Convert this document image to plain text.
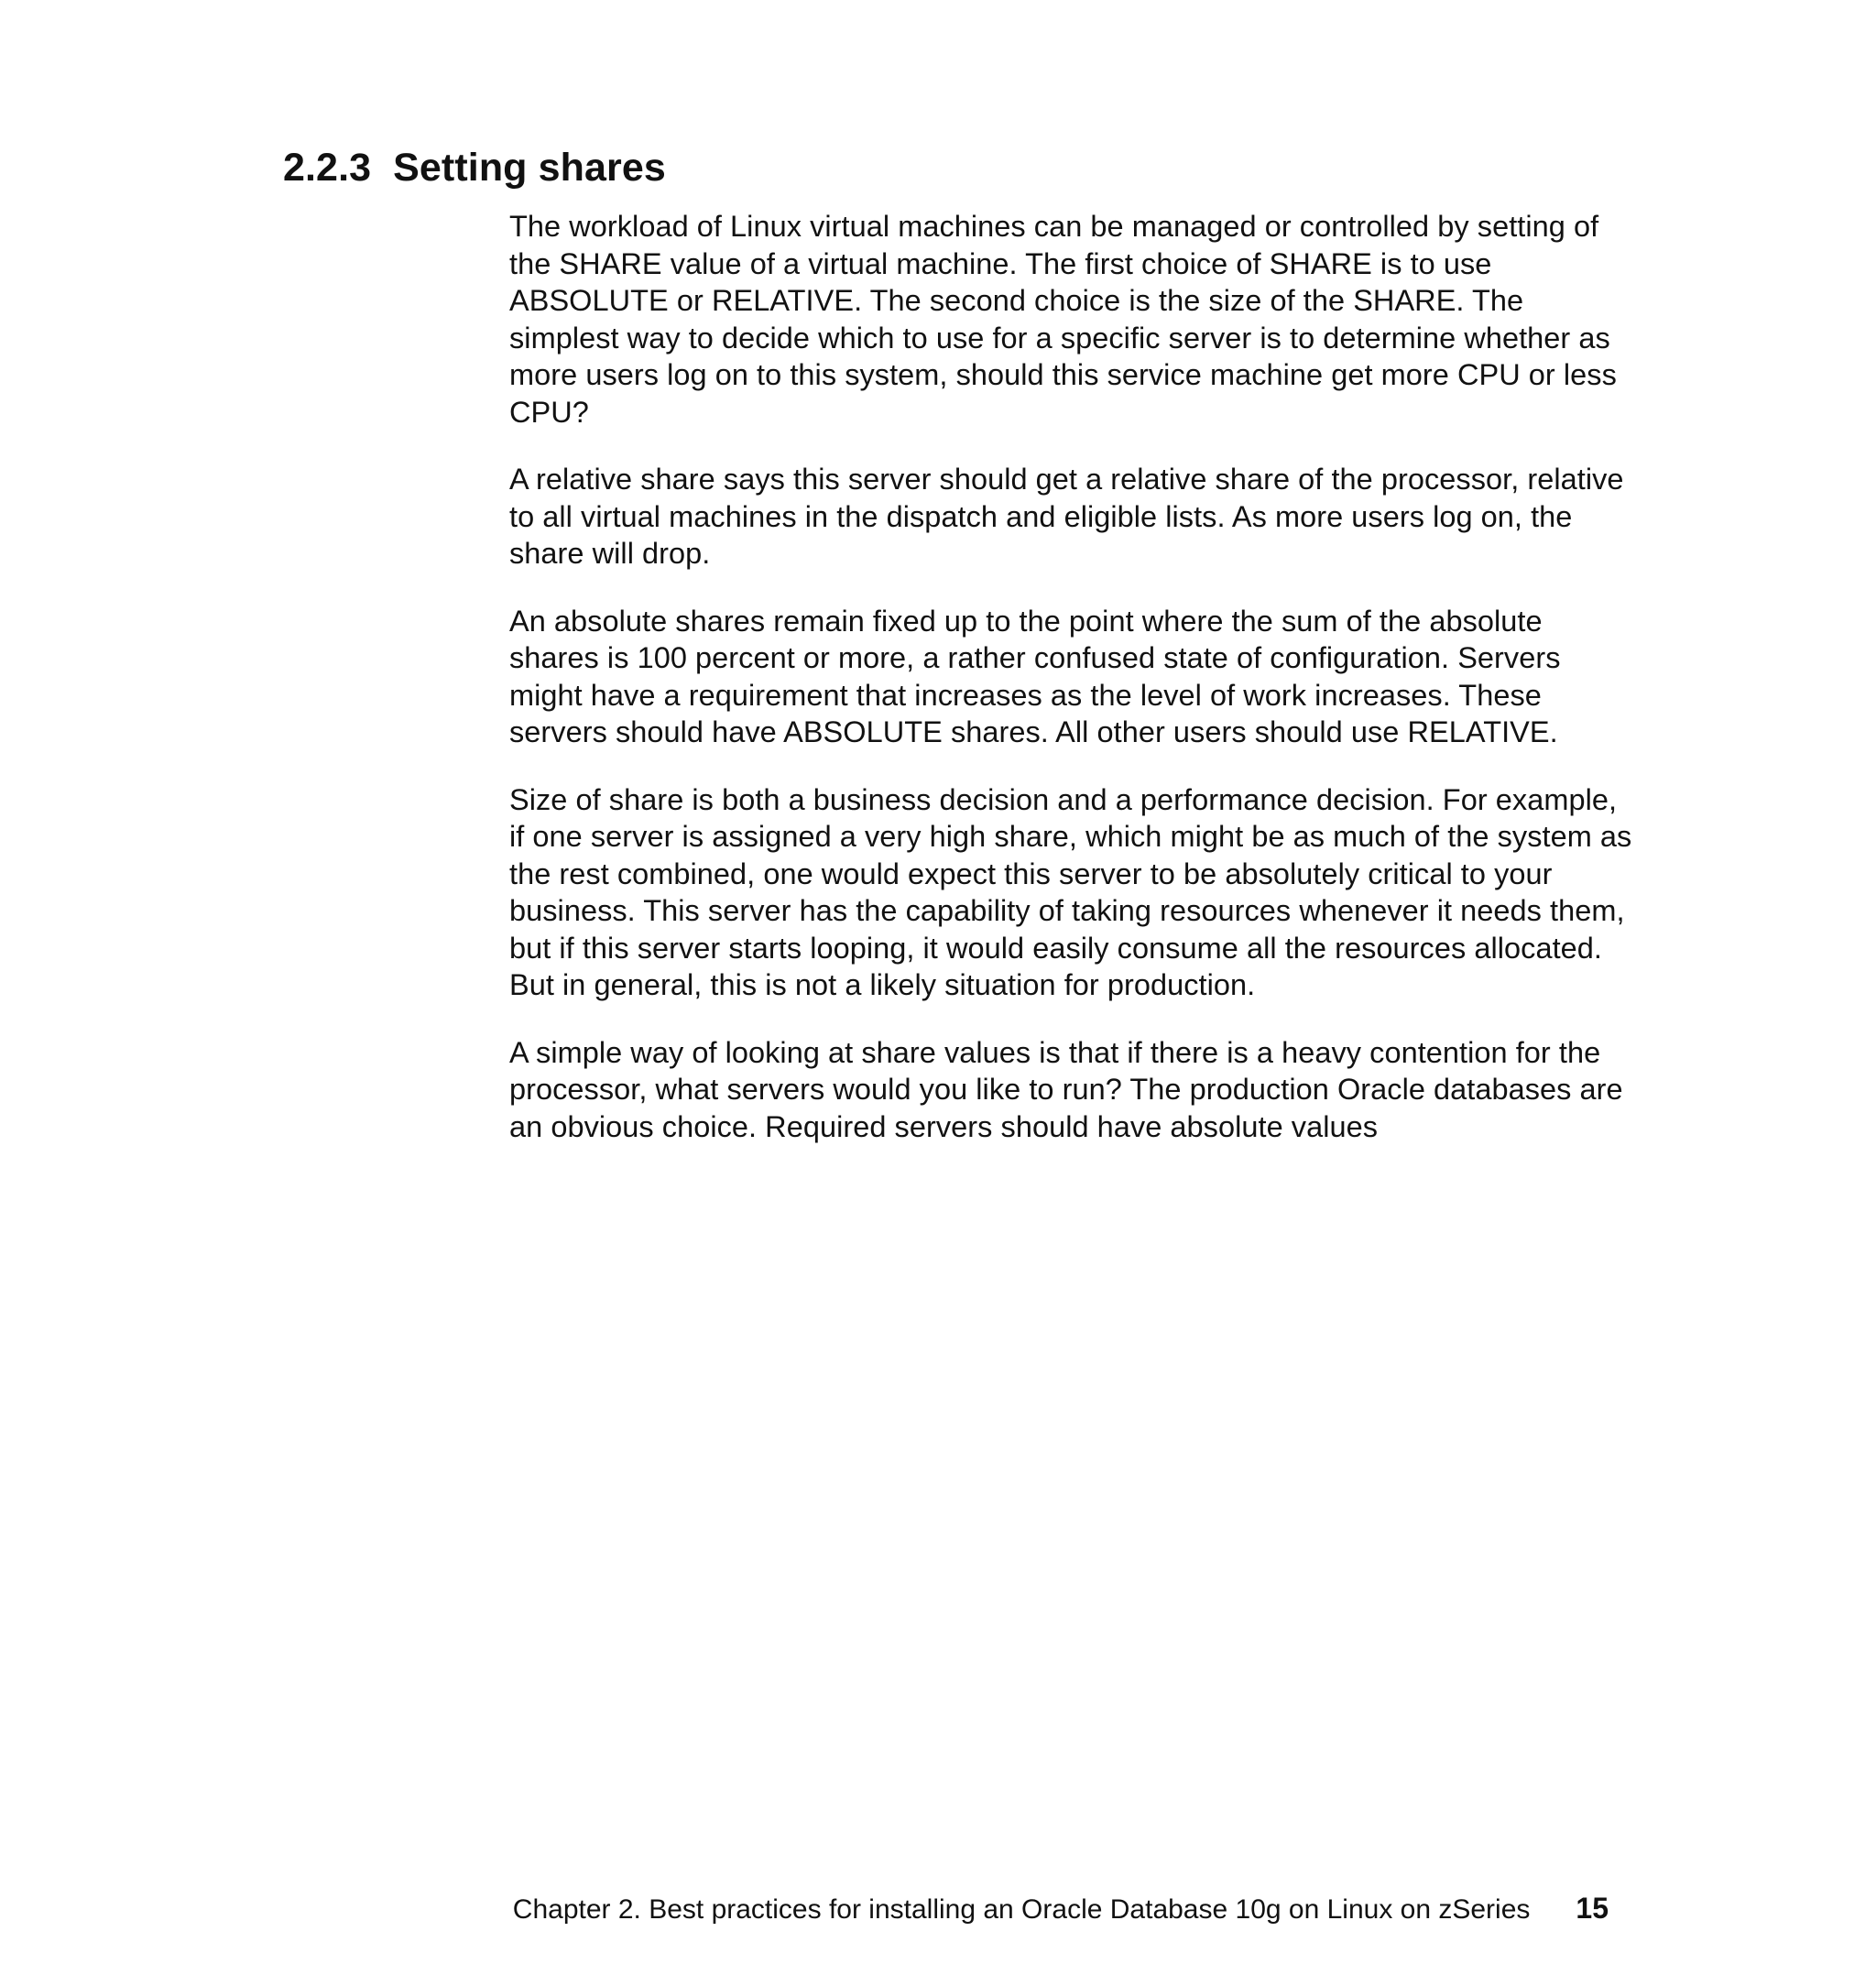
2.2.3 Setting shares

The workload of Linux virtual machines can be managed or controlled by setting of the SHARE value of a virtual machine. The first choice of SHARE is to use ABSOLUTE or RELATIVE. The second choice is the size of the SHARE. The simplest way to decide which to use for a specific server is to determine whether as more users log on to this system, should this service machine get more CPU or less CPU?

A relative share says this server should get a relative share of the processor, relative to all virtual machines in the dispatch and eligible lists. As more users log on, the share will drop.

An absolute shares remain fixed up to the point where the sum of the absolute shares is 100 percent or more, a rather confused state of configuration. Servers might have a requirement that increases as the level of work increases. These servers should have ABSOLUTE shares. All other users should use RELATIVE.

Size of share is both a business decision and a performance decision. For example, if one server is assigned a very high share, which might be as much of the system as the rest combined, one would expect this server to be absolutely critical to your business. This server has the capability of taking resources whenever it needs them, but if this server starts looping, it would easily consume all the resources allocated. But in general, this is not a likely situation for production.

A simple way of looking at share values is that if there is a heavy contention for the processor, what servers would you like to run? The production Oracle databases are an obvious choice. Required servers should have absolute values

Chapter 2. Best practices for installing an Oracle Database 10g on Linux on zSeries 15
